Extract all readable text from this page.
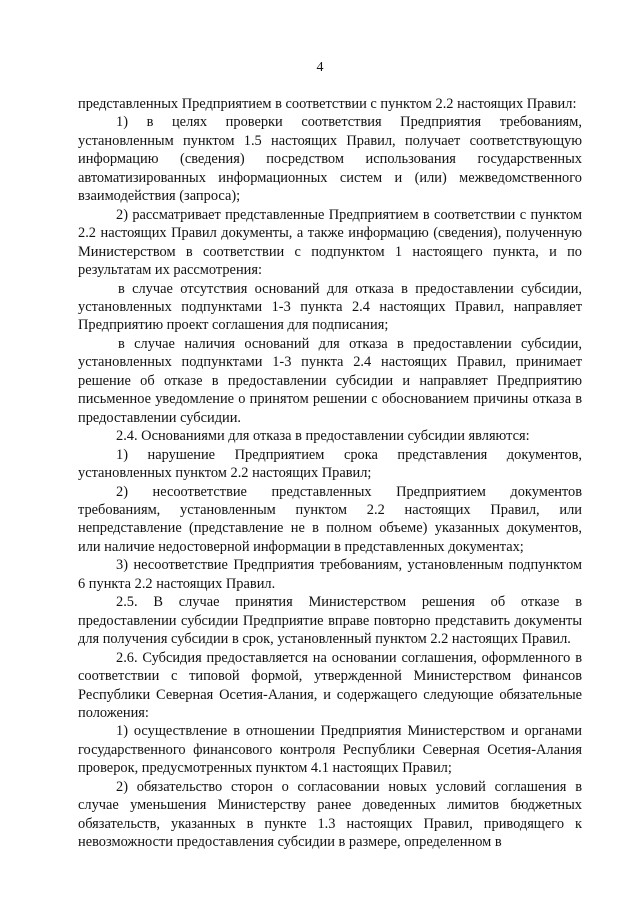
4

представленных Предприятием в соответствии с пунктом 2.2 настоящих Правил:

1) в целях проверки соответствия Предприятия требованиям, установленным пунктом 1.5 настоящих Правил, получает соответствующую информацию (сведения) посредством использования государственных автоматизированных информационных систем и (или) межведомственного взаимодействия (запроса);

2) рассматривает представленные Предприятием в соответствии с пунктом 2.2 настоящих Правил документы, а также информацию (сведения), полученную Министерством в соответствии с подпунктом 1 настоящего пункта, и по результатам их рассмотрения:

в случае отсутствия оснований для отказа в предоставлении субсидии, установленных подпунктами 1-3 пункта 2.4 настоящих Правил, направляет Предприятию проект соглашения для подписания;

в случае наличия оснований для отказа в предоставлении субсидии, установленных подпунктами 1-3 пункта 2.4 настоящих Правил, принимает решение об отказе в предоставлении субсидии и направляет Предприятию письменное уведомление о принятом решении с обоснованием причины отказа в предоставлении субсидии.

2.4. Основаниями для отказа в предоставлении субсидии являются:

1) нарушение Предприятием срока представления документов, установленных пунктом 2.2 настоящих Правил;

2) несоответствие представленных Предприятием документов требованиям, установленным пунктом 2.2 настоящих Правил, или непредставление (представление не в полном объеме) указанных документов, или наличие недостоверной информации в представленных документах;

3) несоответствие Предприятия требованиям, установленным подпунктом 6 пункта 2.2 настоящих Правил.

2.5. В случае принятия Министерством решения об отказе в предоставлении субсидии Предприятие вправе повторно представить документы для получения субсидии в срок, установленный пунктом 2.2 настоящих Правил.

2.6. Субсидия предоставляется на основании соглашения, оформленного в соответствии с типовой формой, утвержденной Министерством финансов Республики Северная Осетия-Алания, и содержащего следующие обязательные положения:

1) осуществление в отношении Предприятия Министерством и органами государственного финансового контроля Республики Северная Осетия-Алания проверок, предусмотренных пунктом 4.1 настоящих Правил;

2) обязательство сторон о согласовании новых условий соглашения в случае уменьшения Министерству ранее доведенных лимитов бюджетных обязательств, указанных в пункте 1.3 настоящих Правил, приводящего к невозможности предоставления субсидии в размере, определенном в
